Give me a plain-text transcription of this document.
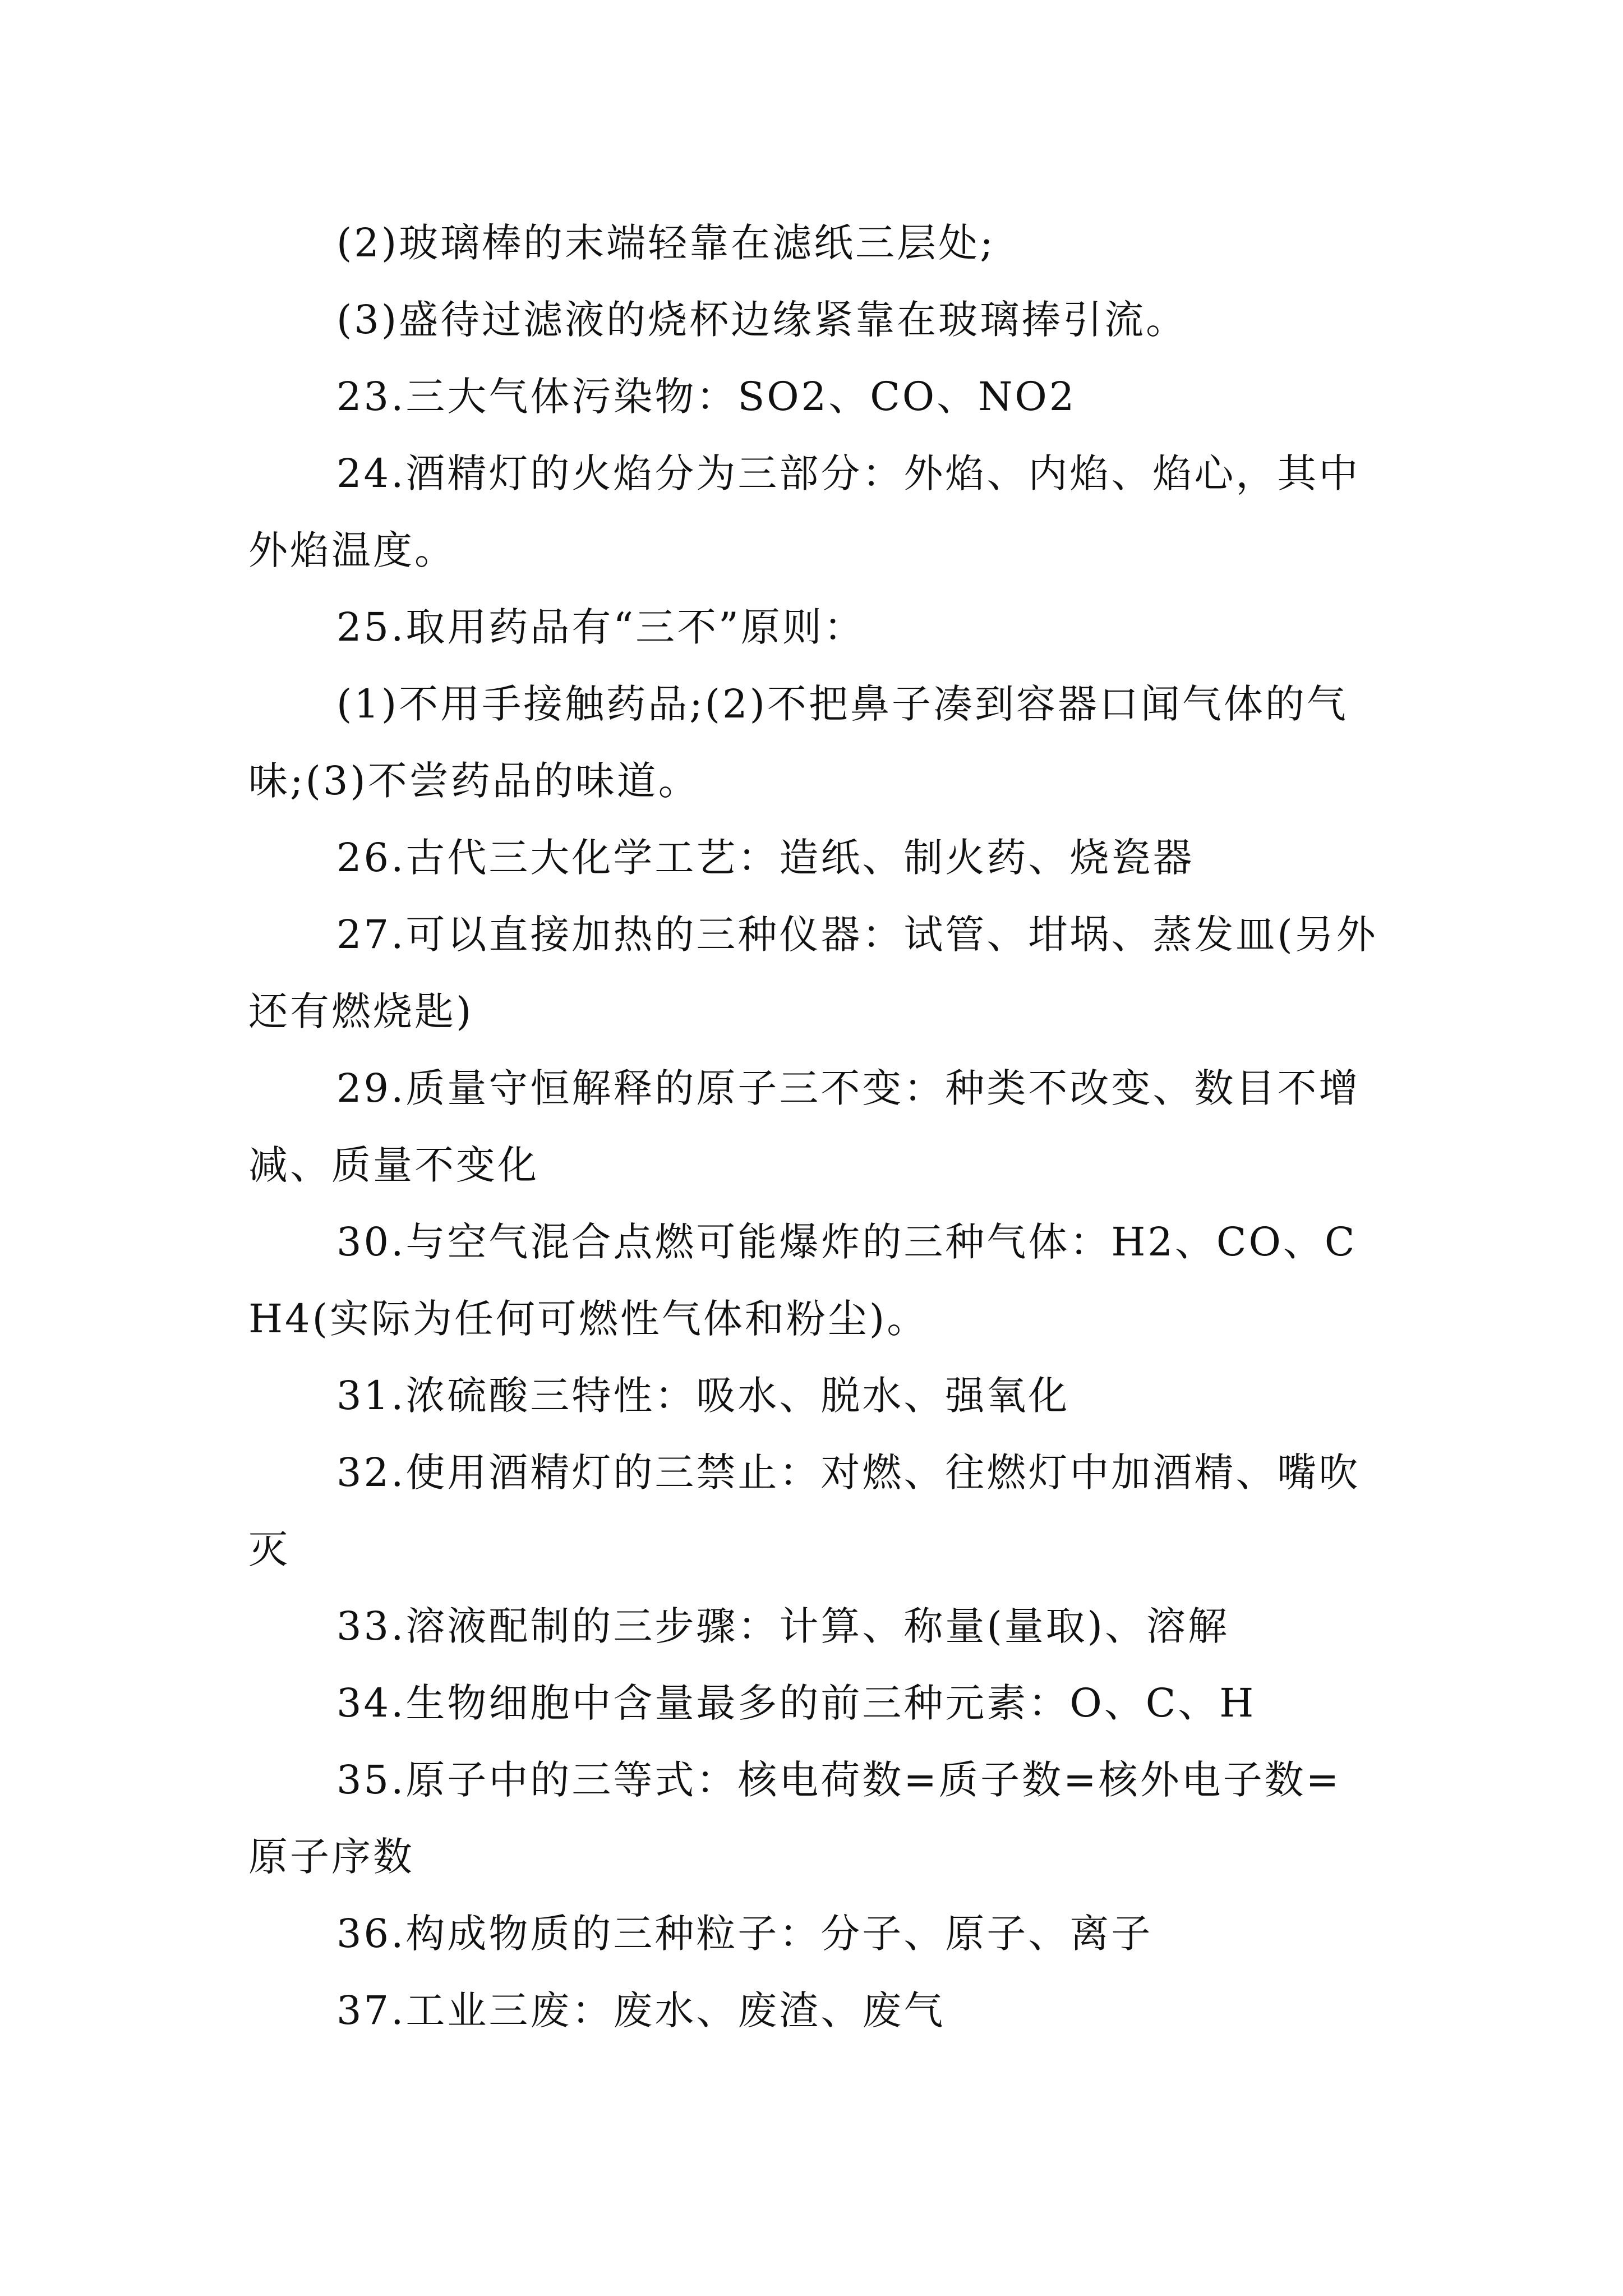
(2)玻璃棒的末端轻靠在滤纸三层处;

(3)盛待过滤液的烧杯边缘紧靠在玻璃捧引流。

23.三大气体污染物：SO2、CO、NO2

24.酒精灯的火焰分为三部分：外焰、内焰、焰心，其中外焰温度。

25.取用药品有“三不”原则：

(1)不用手接触药品;(2)不把鼻子凑到容器口闻气体的气味;(3)不尝药品的味道。

26.古代三大化学工艺：造纸、制火药、烧瓷器

27.可以直接加热的三种仪器：试管、坩埚、蒸发皿(另外还有燃烧匙)

29.质量守恒解释的原子三不变：种类不改变、数目不增减、质量不变化

30.与空气混合点燃可能爆炸的三种气体：H2、CO、CH4(实际为任何可燃性气体和粉尘)。

31.浓硫酸三特性：吸水、脱水、强氧化

32.使用酒精灯的三禁止：对燃、往燃灯中加酒精、嘴吹灭

33.溶液配制的三步骤：计算、称量(量取)、溶解

34.生物细胞中含量最多的前三种元素：O、C、H

35.原子中的三等式：核电荷数=质子数=核外电子数=原子序数

36.构成物质的三种粒子：分子、原子、离子

37.工业三废：废水、废渣、废气
